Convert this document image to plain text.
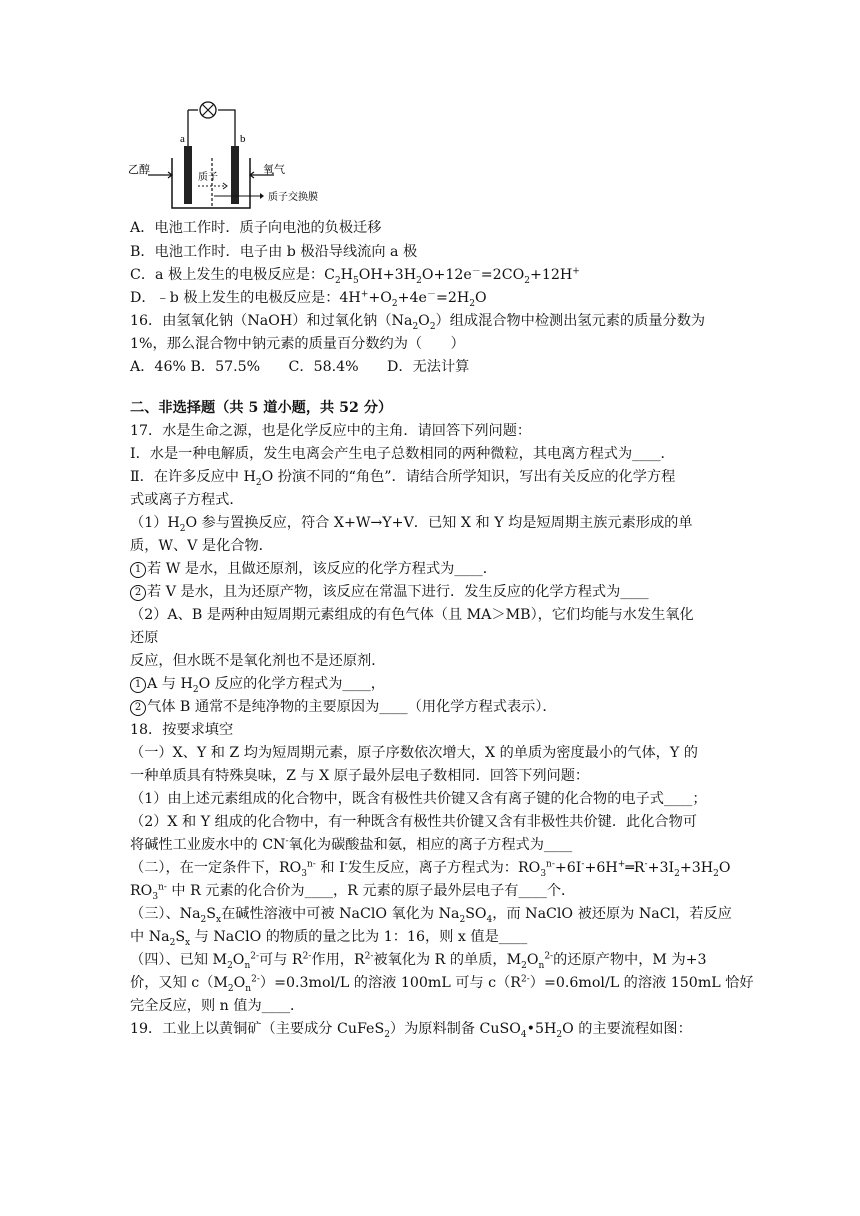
a	b
乙醇	氧气
质子
质子交换膜
A．电池工作时．质子向电池的负极迁移
B．电池工作时．电子由 b 极沿导线流向 a 极
C．a 极上发生的电极反应是：$C_2H_5OH+3H_2O+12e^-=2CO_2+12H^+$
D．﹣b 极上发生的电极反应是：$4H^++O_2+4e^-=2H_2O$
16．由氢氧化钠（NaOH）和过氧化钠$(Na_2O_2)$组成混合物中检测出氢元素的质量分数为
1%，那么混合物中钠元素的质量百分数约为（　　）
A．46% B．57.5%　　C．58.4%　　D．无法计算
二、非选择题（共 5 道小题，共 52 分）
17．水是生命之源，也是化学反应中的主角．请回答下列问题：
I．水是一种电解质，发生电离会产生电子总数相同的两种微粒，其电离方程式为____．
Ⅱ．在许多反应中 $H_2O$ 扮演不同的“角色”．请结合所学知识，写出有关反应的化学方程
式或离子方程式．
$(1)H_2O$ 参与置换反应，符合 X+W→Y+V．已知 X 和 Y 均是短周期主族元素形成的单
质，W、V 是化合物．
1 若 W 是水，且做还原剂，该反应的化学方程式为____．
2 若 V 是水，且为还原产物，该反应在常温下进行．发生反应的化学方程式为____
（2）A、B 是两种由短周期元素组成的有色气体（且 MA＞MB），它们均能与水发生氧化
还原
反应，但水既不是氧化剂也不是还原剂．
1 A 与 $H_2O$ 反应的化学方程式为____，
2 气体 B 通常不是纯净物的主要原因为____（用化学方程式表示）．
18．按要求填空
（一）X、Y 和 Z 均为短周期元素，原子序数依次增大，X 的单质为密度最小的气体，Y 的
一种单质具有特殊臭味，Z 与 X 原子最外层电子数相同．回答下列问题：
（1）由上述元素组成的化合物中，既含有极性共价键又含有离子键的化合物的电子式____；
（2）X 和 Y 组成的化合物中，有一种既含有极性共价键又含有非极性共价键．此化合物可
将碱性工业废水中的 CN-氧化为碳酸盐和氨，相应的离子方程式为____
（二），在一定条件下，$RO_3^{n-}$ 和 I-发生反应，离子方程式为：$RO_3^{n-}+6I^-+6H^+═R^-+3I_2+3H_2O$
$RO_3^{n-}$ 中 R 元素的化合价为____，R 元素的原子最外层电子有____个．
（三）、$Na_2S_x$在碱性溶液中可被 NaClO 氧化为 $Na_2SO_4$，而 NaClO 被还原为 NaCl，若反应
中 $Na_2S_x$ 与 NaClO 的物质的量之比为 1：16，则 x 值是____
（四）、已知 $M_2O_n^{2-}$可与 $R^{2-}$作用，$R^{2-}$被氧化为 R 的单质，$M_2O_n^{2-}$的还原产物中，M 为+3
价，又知 $c(M_2O_n^{2-})=0.3mol/L$ 的溶液 100mL 可与 $c(R^{2-})=0.6mol/L$ 的溶液 150mL 恰好
完全反应，则 n 值为____．
19．工业上以黄铜矿（主要成分 CuFeS$_2$）为原料制备 $CuSO_4•5H_2O$ 的主要流程如图：
